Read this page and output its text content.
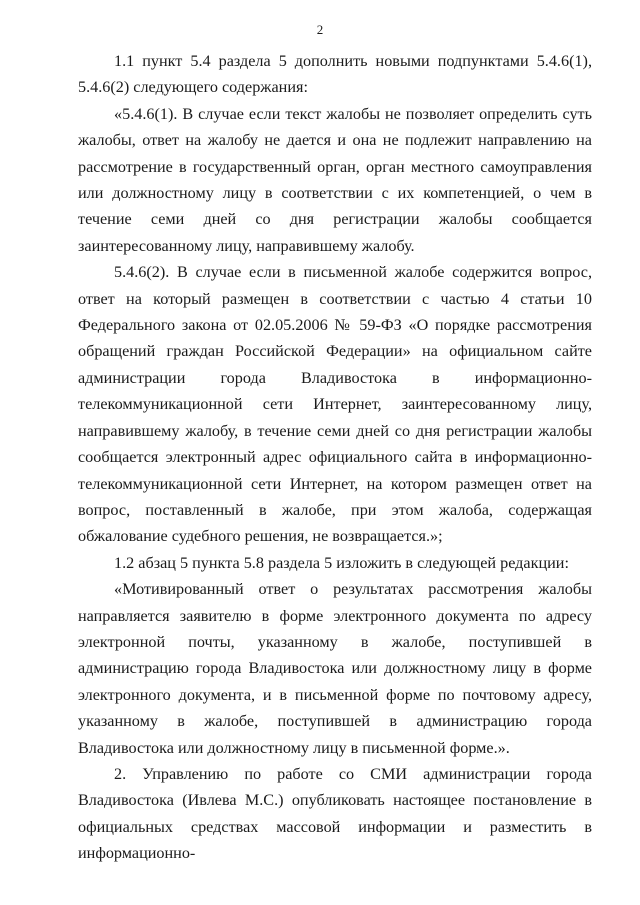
2

1.1 пункт 5.4 раздела 5 дополнить новыми подпунктами 5.4.6(1), 5.4.6(2) следующего содержания:

«5.4.6(1). В случае если текст жалобы не позволяет определить суть жалобы, ответ на жалобу не дается и она не подлежит направлению на рассмотрение в государственный орган, орган местного самоуправления или должностному лицу в соответствии с их компетенцией, о чем в течение семи дней со дня регистрации жалобы сообщается заинтересованному лицу, направившему жалобу.

5.4.6(2). В случае если в письменной жалобе содержится вопрос, ответ на который размещен в соответствии с частью 4 статьи 10 Федерального закона от 02.05.2006 № 59-ФЗ «О порядке рассмотрения обращений граждан Российской Федерации» на официальном сайте администрации города Владивостока в информационно-телекоммуникационной сети Интернет, заинтересованному лицу, направившему жалобу, в течение семи дней со дня регистрации жалобы сообщается электронный адрес официального сайта в информационно-телекоммуникационной сети Интернет, на котором размещен ответ на вопрос, поставленный в жалобе, при этом жалоба, содержащая обжалование судебного решения, не возвращается.»;

1.2 абзац 5 пункта 5.8 раздела 5 изложить в следующей редакции:

«Мотивированный ответ о результатах рассмотрения жалобы направляется заявителю в форме электронного документа по адресу электронной почты, указанному в жалобе, поступившей в администрацию города Владивостока или должностному лицу в форме электронного документа, и в письменной форме по почтовому адресу, указанному в жалобе, поступившей в администрацию города Владивостока или должностному лицу в письменной форме.».

2. Управлению по работе со СМИ администрации города Владивостока (Ивлева М.С.) опубликовать настоящее постановление в официальных средствах массовой информации и разместить в информационно-
